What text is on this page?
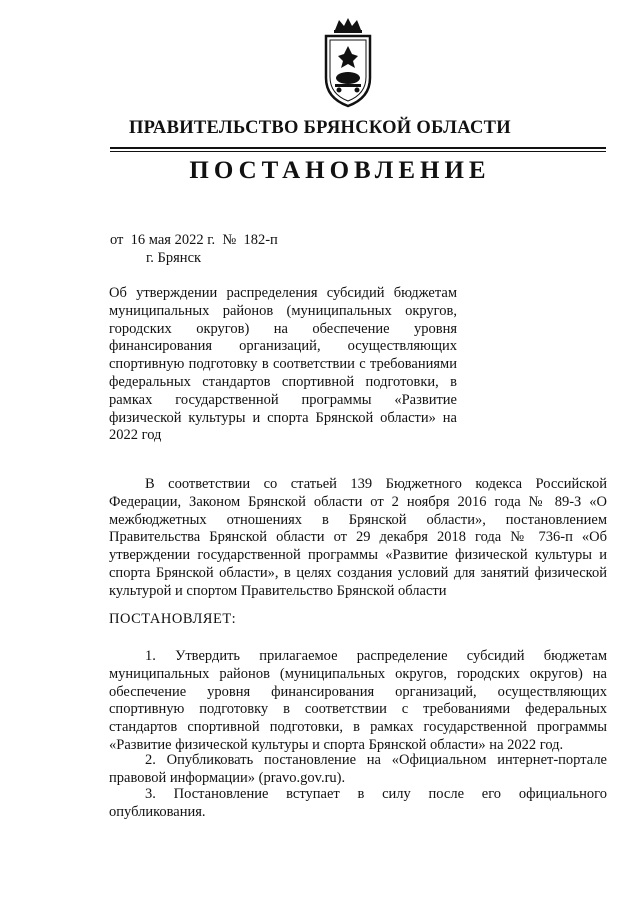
ПРАВИТЕЛЬСТВО БРЯНСКОЙ ОБЛАСТИ
ПОСТАНОВЛЕНИЕ
от  16 мая 2022 г.  №  182-п
г. Брянск
Об утверждении распределения субсидий бюджетам муниципальных районов (муниципальных округов, городских округов) на обеспечение уровня финансирования организаций, осуществляющих спортивную подготовку в соответствии с требованиями федеральных стандартов спортивной подготовки, в рамках государственной программы «Развитие физической культуры и спорта Брянской области» на 2022 год
В соответствии со статьей 139 Бюджетного кодекса Российской Федерации, Законом Брянской области от 2 ноября 2016 года № 89-З «О межбюджетных отношениях в Брянской области», постановлением Правительства Брянской области от 29 декабря 2018 года № 736-п «Об утверждении государственной программы «Развитие физической культуры и спорта Брянской области», в целях создания условий для занятий физической культурой и спортом Правительство Брянской области
ПОСТАНОВЛЯЕТ:
1. Утвердить прилагаемое распределение субсидий бюджетам муниципальных районов (муниципальных округов, городских округов) на обеспечение уровня финансирования организаций, осуществляющих спортивную подготовку в соответствии с требованиями федеральных стандартов спортивной подготовки, в рамках государственной программы «Развитие физической культуры и спорта Брянской области» на 2022 год.
2. Опубликовать постановление на «Официальном интернет-портале правовой информации» (pravo.gov.ru).
3. Постановление вступает в силу после его официального опубликования.
